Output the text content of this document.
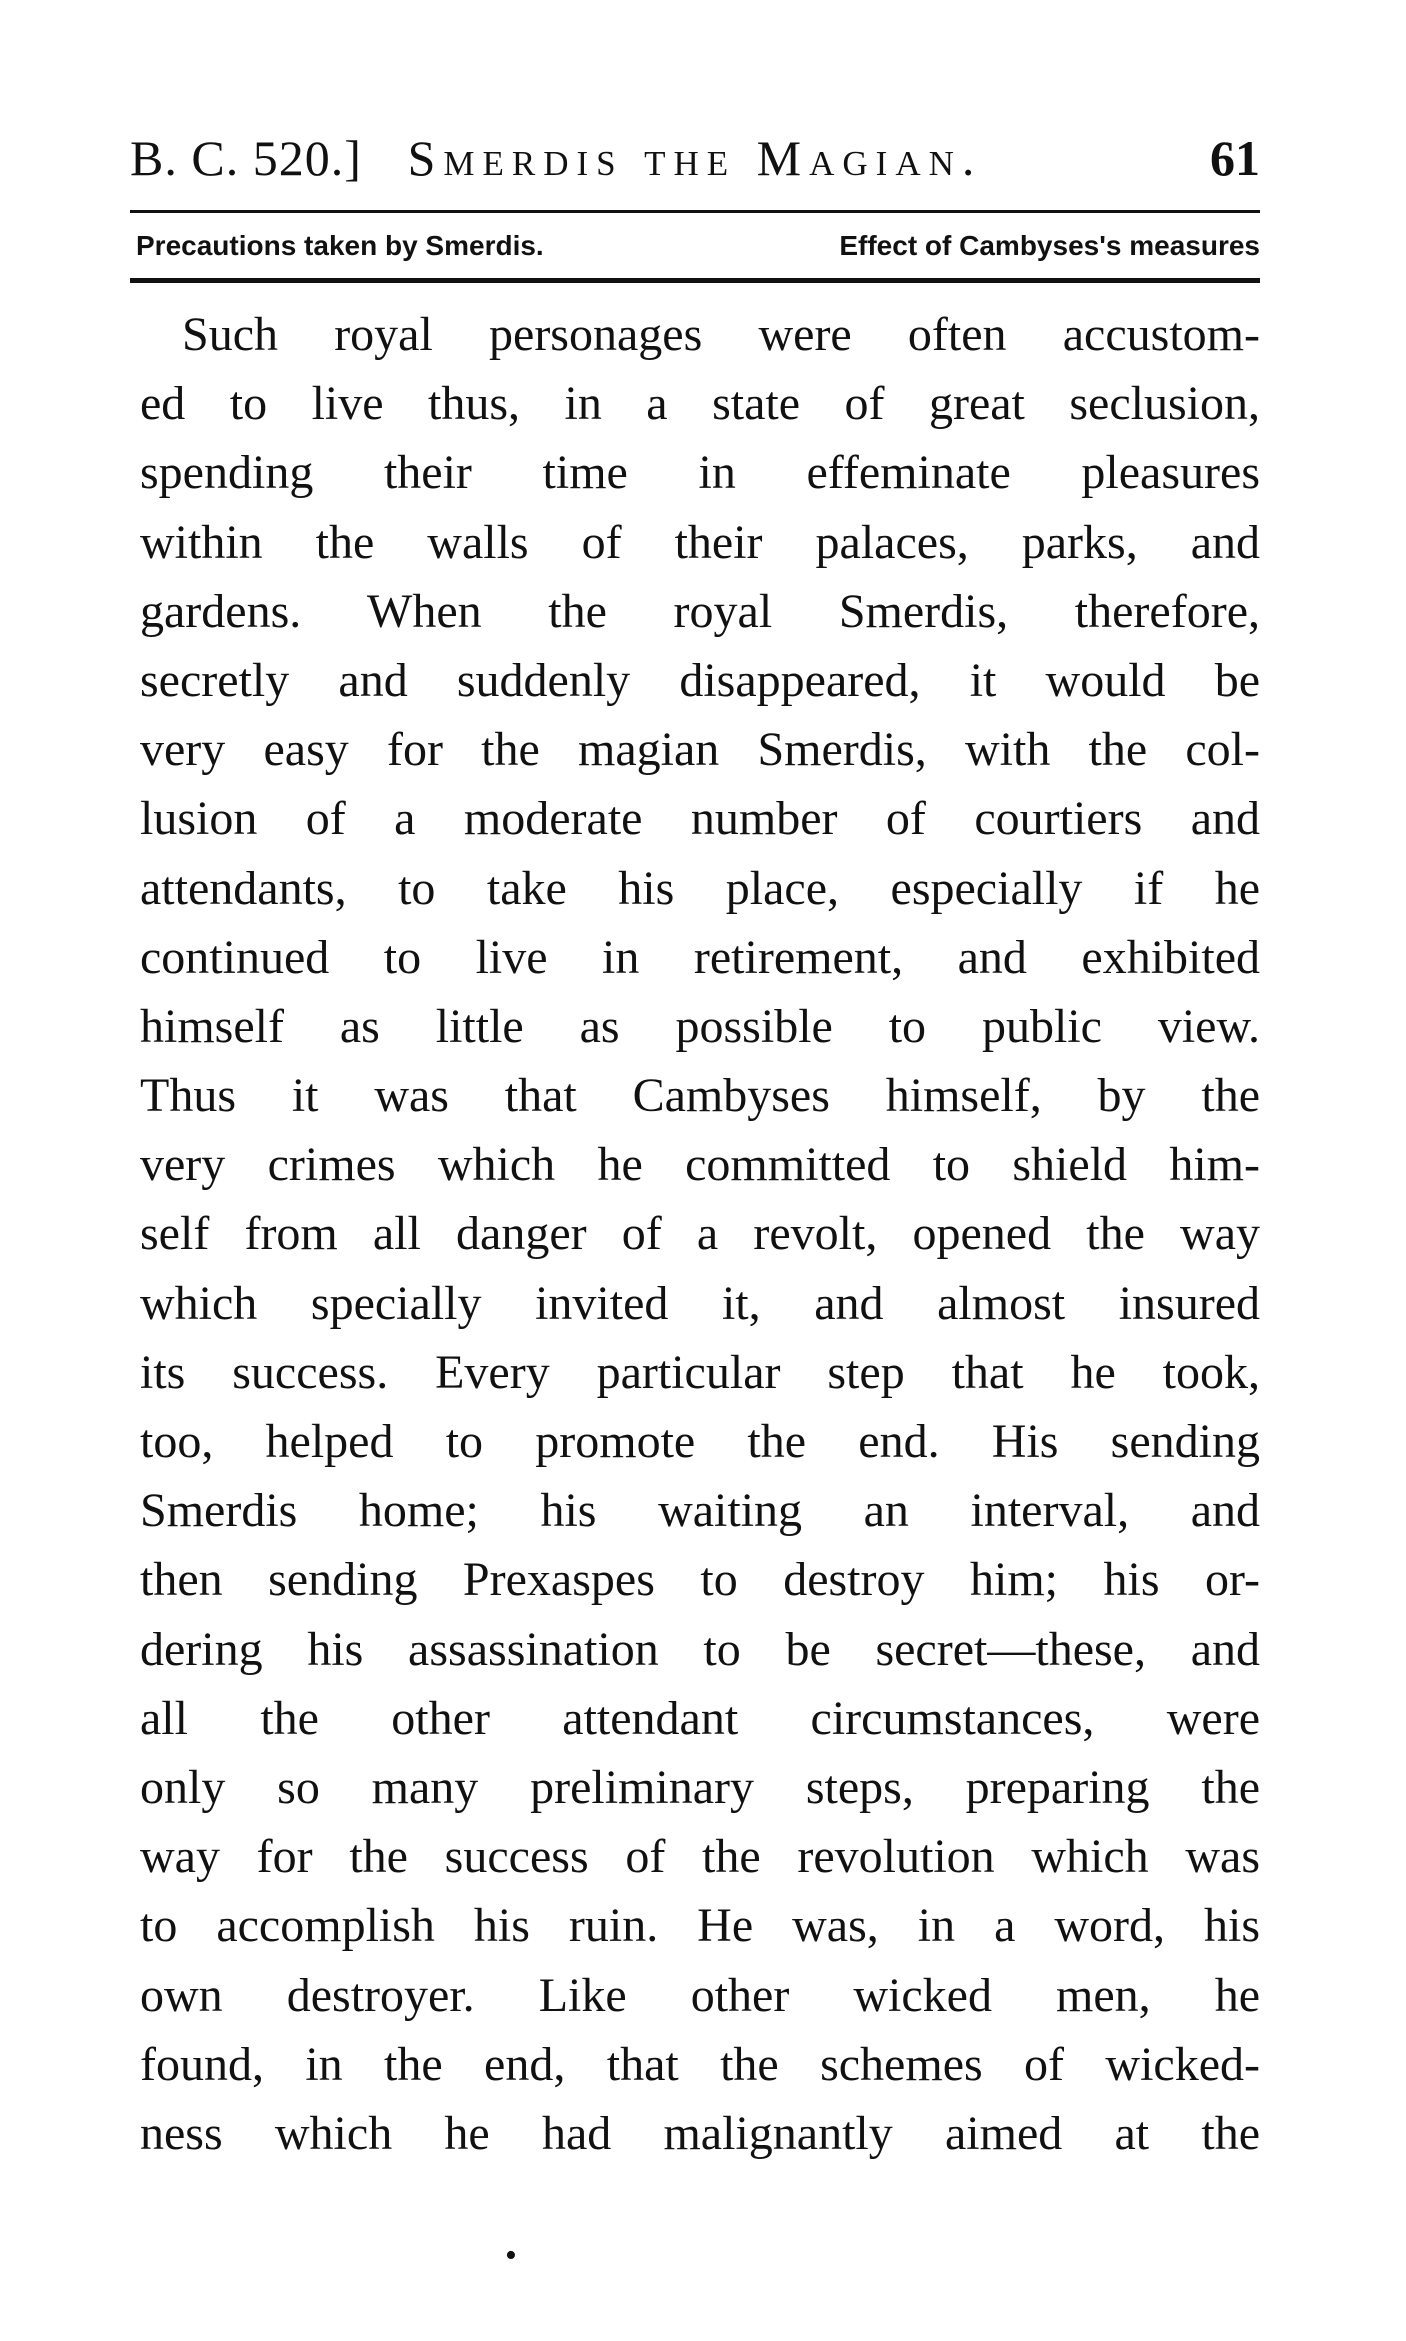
B. C. 520.] Smerdis the Magian.	61
Precautions taken by Smerdis.	Effect of Cambyses's measures
Such royal personages were often accustom-
ed to live thus, in a state of great seclusion,
spending their time in effeminate pleasures
within the walls of their palaces, parks, and
gardens. When the royal Smerdis, therefore,
secretly and suddenly disappeared, it would be
very easy for the magian Smerdis, with the col-
lusion of a moderate number of courtiers and
attendants, to take his place, especially if he
continued to live in retirement, and exhibited
himself as little as possible to public view.
Thus it was that Cambyses himself, by the
very crimes which he committed to shield him-
self from all danger of a revolt, opened the way
which specially invited it, and almost insured
its success. Every particular step that he took,
too, helped to promote the end. His sending
Smerdis home; his waiting an interval, and
then sending Prexaspes to destroy him; his or-
dering his assassination to be secret—these, and
all the other attendant circumstances, were
only so many preliminary steps, preparing the
way for the success of the revolution which was
to accomplish his ruin. He was, in a word, his
own destroyer. Like other wicked men, he
found, in the end, that the schemes of wicked-
ness which he had malignantly aimed at the
•
